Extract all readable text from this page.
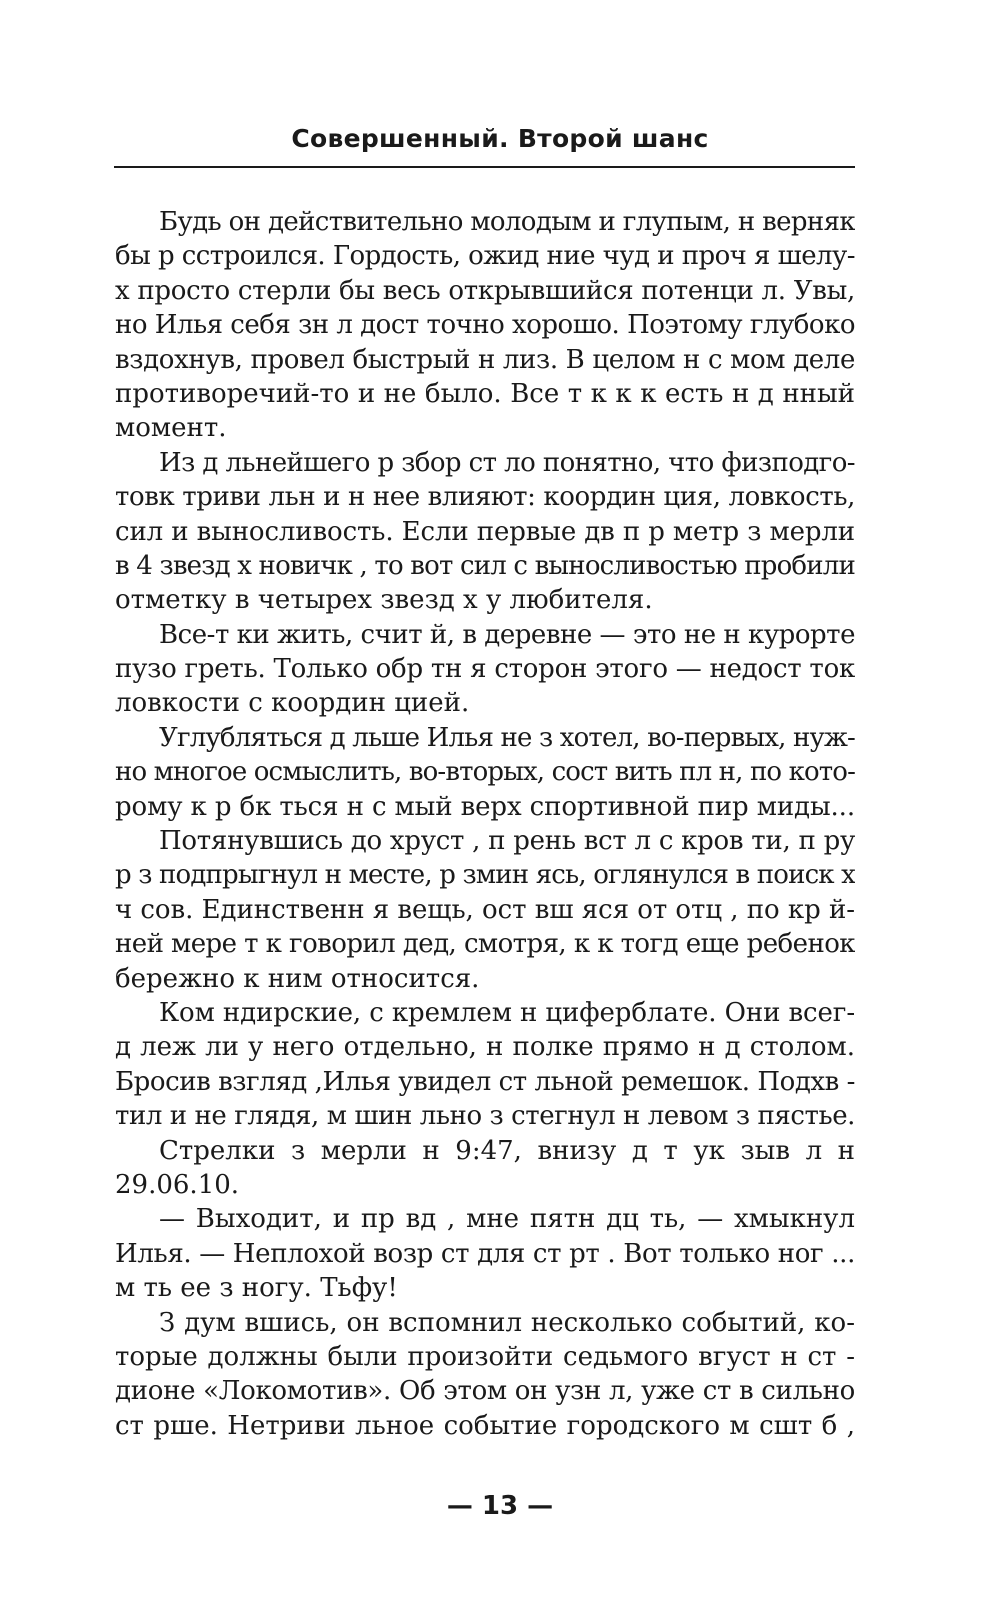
Совершенный. Второй шанс
Будь он действительно молодым и глупым, н верняк
бы р сстроился. Гордость, ожид ние чуд и проч я шелу-
х просто стерли бы весь открывшийся потенци л. Увы,
но Илья себя зн л дост точно хорошо. Поэтому глубоко
вздохнув, провел быстрый н лиз. В целом н с мом деле
противоречий-то и не было. Все т к к к есть н д нный
момент.
Из д льнейшего р збор ст ло понятно, что физподго-
товк триви льн и н нее влияют: координ ция, ловкость,
сил и выносливость. Если первые дв п р метр з мерли
в 4 звезд х новичк , то вот сил с выносливостью пробили
отметку в четырех звезд х у любителя.
Все-т ки жить, счит й, в деревне — это не н курорте
пузо греть. Только обр тн я сторон этого — недост ток
ловкости с координ цией.
Углубляться д льше Илья не з хотел, во-первых, нуж-
но многое осмыслить, во-вторых, сост вить пл н, по кото-
рому к р бк ться н с мый верх спортивной пир миды...
Потянувшись до хруст , п рень вст л с кров ти, п ру
р з подпрыгнул н месте, р змин ясь, оглянулся в поиск х
ч сов. Единственн я вещь, ост вш яся от отц , по кр й-
ней мере т к говорил дед, смотря, к к тогд еще ребенок
бережно к ним относится.
Ком ндирские, с кремлем н циферблате. Они всег-
д леж ли у него отдельно, н полке прямо н д столом.
Бросив взгляд ,Илья увидел ст льной ремешок. Подхв -
тил и не глядя, м шин льно з стегнул н левом з пястье.
Стрелки з мерли н 9:47, внизу д т ук зыв л н
29.06.10.
— Выходит, и пр вд , мне пятн дц ть, — хмыкнул
Илья. — Неплохой возр ст для ст рт . Вот только ног ...
м ть ее з ногу. Тьфу!
З дум вшись, он вспомнил несколько событий, ко-
торые должны были произойти седьмого вгуст н ст -
дионе «Локомотив». Об этом он узн л, уже ст в сильно
ст рше. Нетриви льное событие городского м сшт б ,
— 13 —
